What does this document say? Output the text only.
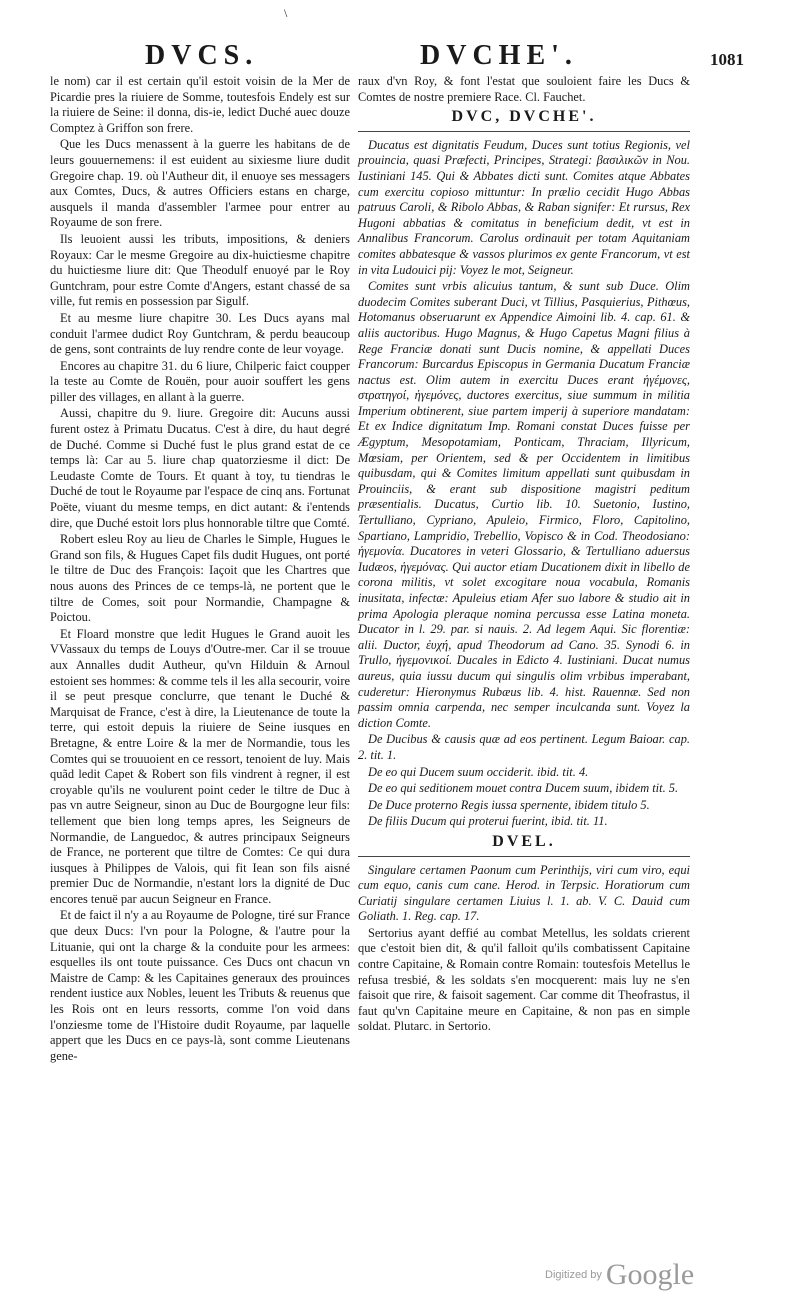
\
DVCS.	DVCHE'.	1081

le nom) car il est certain qu'il estoit voisin de la Mer de Picardie pres la riuiere de Somme, toutesfois Endely est sur la riuiere de Seine: il donna, dis-ie, ledict Duché auec douze Comptez à Griffon son frere.

Que les Ducs menassent à la guerre les habitans de de leurs gouuernemens: il est euident au sixiesme liure dudit Gregoire chap. 19. où l'Autheur dit, il enuoye ses messagers aux Comtes, Ducs, & autres Officiers estans en charge, ausquels il manda d'assembler l'armee pour entrer au Royaume de son frere.

Ils leuoient aussi les tributs, impositions, & deniers Royaux: Car le mesme Gregoire au dix-huictiesme chapitre du huictiesme liure dit: Que Theodulf enuoyé par le Roy Guntchram, pour estre Comte d'Angers, estant chassé de sa ville, fut remis en possession par Sigulf.

Et au mesme liure chapitre 30. Les Ducs ayans mal conduit l'armee dudict Roy Guntchram, & perdu beaucoup de gens, sont contraints de luy rendre conte de leur voyage.

Encores au chapitre 31. du 6 liure, Chilperic faict coupper la teste au Comte de Rouën, pour auoir souffert les gens piller des villages, en allant à la guerre.

Aussi, chapitre du 9. liure. Gregoire dit: Aucuns aussi furent ostez à Primatu Ducatus. C'est à dire, du haut degré de Duché. Comme si Duché fust le plus grand estat de ce temps là: Car au 5. liure chap quatorziesme il dict: De Leudaste Comte de Tours. Et quant à toy, tu tiendras le Duché de tout le Royaume par l'espace de cinq ans. Fortunat Poëte, viuant du mesme temps, en dict autant: & i'entends dire, que Duché estoit lors plus honnorable tiltre que Comté.

Robert esleu Roy au lieu de Charles le Simple, Hugues le Grand son fils, & Hugues Capet fils dudit Hugues, ont porté le tiltre de Duc des François: Iaçoit que les Chartres que nous auons des Princes de ce temps-là, ne portent que le tiltre de Comes, soit pour Normandie, Champagne & Poictou.

Et Floard monstre que ledit Hugues le Grand auoit les VVassaux du temps de Louys d'Outre-mer. Car il se trouue aux Annalles dudit Autheur, qu'vn Hilduin & Arnoul estoient ses hommes: & comme tels il les alla secourir, voire il se peut presque conclurre, que tenant le Duché & Marquisat de France, c'est à dire, la Lieutenance de toute la terre, qui estoit depuis la riuiere de Seine iusques en Bretagne, & entre Loire & la mer de Normandie, tous les Comtes qui se trouuoient en ce ressort, tenoient de luy. Mais quãd ledit Capet & Robert son fils vindrent à regner, il est croyable qu'ils ne voulurent point ceder le tiltre de Duc à pas vn autre Seigneur, sinon au Duc de Bourgogne leur fils: tellement que bien long temps apres, les Seigneurs de Normandie, de Languedoc, & autres principaux Seigneurs de France, ne porterent que tiltre de Comtes: Ce qui dura iusques à Philippes de Valois, qui fit Iean son fils aisné premier Duc de Normandie, n'estant lors la dignité de Duc encores tenuë par aucun Seigneur en France.

Et de faict il n'y a au Royaume de Pologne, tiré sur France que deux Ducs: l'vn pour la Pologne, & l'autre pour la Lituanie, qui ont la charge & la conduite pour les armees: esquelles ils ont toute puissance. Ces Ducs ont chacun vn Maistre de Camp: & les Capitaines generaux des prouinces rendent iustice aux Nobles, leuent les Tributs & reuenus que les Rois ont en leurs ressorts, comme l'on void dans l'onziesme tome de l'Histoire dudit Royaume, par laquelle appert que les Ducs en ce pays-là, sont comme Lieutenans gene-

raux d'vn Roy, & font l'estat que souloient faire les Ducs & Comtes de nostre premiere Race. Cl. Fauchet.

DVC, DVCHE'.

Ducatus est dignitatis Feudum, Duces sunt totius Regionis, vel prouincia, quasi Præfecti, Principes, Strategi: βασιλικῶν in Nou. Iustiniani 145. Qui & Abbates dicti sunt. Comites atque Abbates cum exercitu copioso mittuntur: In prælio cecidit Hugo Abbas patruus Caroli, & Ribolo Abbas, & Raban signifer: Et rursus, Rex Hugoni abbatias & comitatus in beneficium dedit, vt est in Annalibus Francorum. Carolus ordinauit per totam Aquitaniam comites abbatesque & vassos plurimos ex gente Francorum, vt est in vita Ludouici pij: Voyez le mot, Seigneur.

Comites sunt vrbis alicuius tantum, & sunt sub Duce. Olim duodecim Comites suberant Duci, vt Tillius, Pasquierius, Pithœus, Hotomanus obseruarunt ex Appendice Aimoini lib. 4. cap. 61. & aliis auctoribus. Hugo Magnus, & Hugo Capetus Magni filius à Rege Franciæ donati sunt Ducis nomine, & appellati Duces Francorum: Burcardus Episcopus in Germania Ducatum Franciæ nactus est. Olim autem in exercitu Duces erant ἡγέμονες, στρατηγοί, ἡγεμόνες, ductores exercitus, siue summum in militia Imperium obtinerent, siue partem imperij à superiore mandatam: Et ex Indice dignitatum Imp. Romani constat Duces fuisse per Ægyptum, Mesopotamiam, Ponticam, Thraciam, Illyricum, Mœsiam, per Orientem, sed & per Occidentem in limitibus quibusdam, qui & Comites limitum appellati sunt quibusdam in Prouinciis, & erant sub dispositione magistri peditum præsentialis. Ducatus, Curtio lib. 10. Suetonio, Iustino, Tertulliano, Cypriano, Apuleio, Firmico, Floro, Capitolino, Spartiano, Lampridio, Trebellio, Vopisco & in Cod. Theodosiano: ἡγεμονία. Ducatores in veteri Glossario, & Tertulliano aduersus Iudæos, ἡγεμόνας. Qui auctor etiam Ducationem dixit in libello de corona militis, vt solet excogitare noua vocabula, Romanis inusitata, infectæ: Apuleius etiam Afer suo labore & studio ait in prima Apologia pleraque nomina percussa esse Latina moneta. Ducator in l. 29. par. si nauis. 2. Ad legem Aqui. Sic florentiæ: alii. Ductor, ἐυχή, apud Theodorum ad Cano. 35. Synodi 6. in Trullo, ἡγεμονικοί. Ducales in Edicto 4. Iustiniani. Ducat numus aureus, quia iussu ducum qui singulis olim vrbibus imperabant, cuderetur: Hieronymus Rubæus lib. 4. hist. Rauennæ. Sed non passim omnia carpenda, nec semper inculcanda sunt. Voyez la diction Comte.

De Ducibus & causis quæ ad eos pertinent. Legum Baioar. cap. 2. tit. 1.

De eo qui Ducem suum occiderit. ibid. tit. 4.

De eo qui seditionem mouet contra Ducem suum, ibidem tit. 5.

De Duce proterno Regis iussa spernente, ibidem titulo 5.

De filiis Ducum qui proterui fuerint, ibid. tit. 11.

DVEL.

Singulare certamen Paonum cum Perinthijs, viri cum viro, equi cum equo, canis cum cane. Herod. in Terpsic. Horatiorum cum Curiatij singulare certamen Liuius l. 1. ab. V. C. Dauid cum Goliath. 1. Reg. cap. 17.

Sertorius ayant deffié au combat Metellus, les soldats crierent que c'estoit bien dit, & qu'il falloit qu'ils combatissent Capitaine contre Capitaine, & Romain contre Romain: toutesfois Metellus le refusa tresbié, & les soldats s'en mocquerent: mais luy ne s'en faisoit que rire, & faisoit sagement. Car comme dit Theofrastus, il faut qu'vn Capitaine meure en Capitaine, & non pas en simple soldat. Plutarc. in Sertorio.

Digitized by Google
